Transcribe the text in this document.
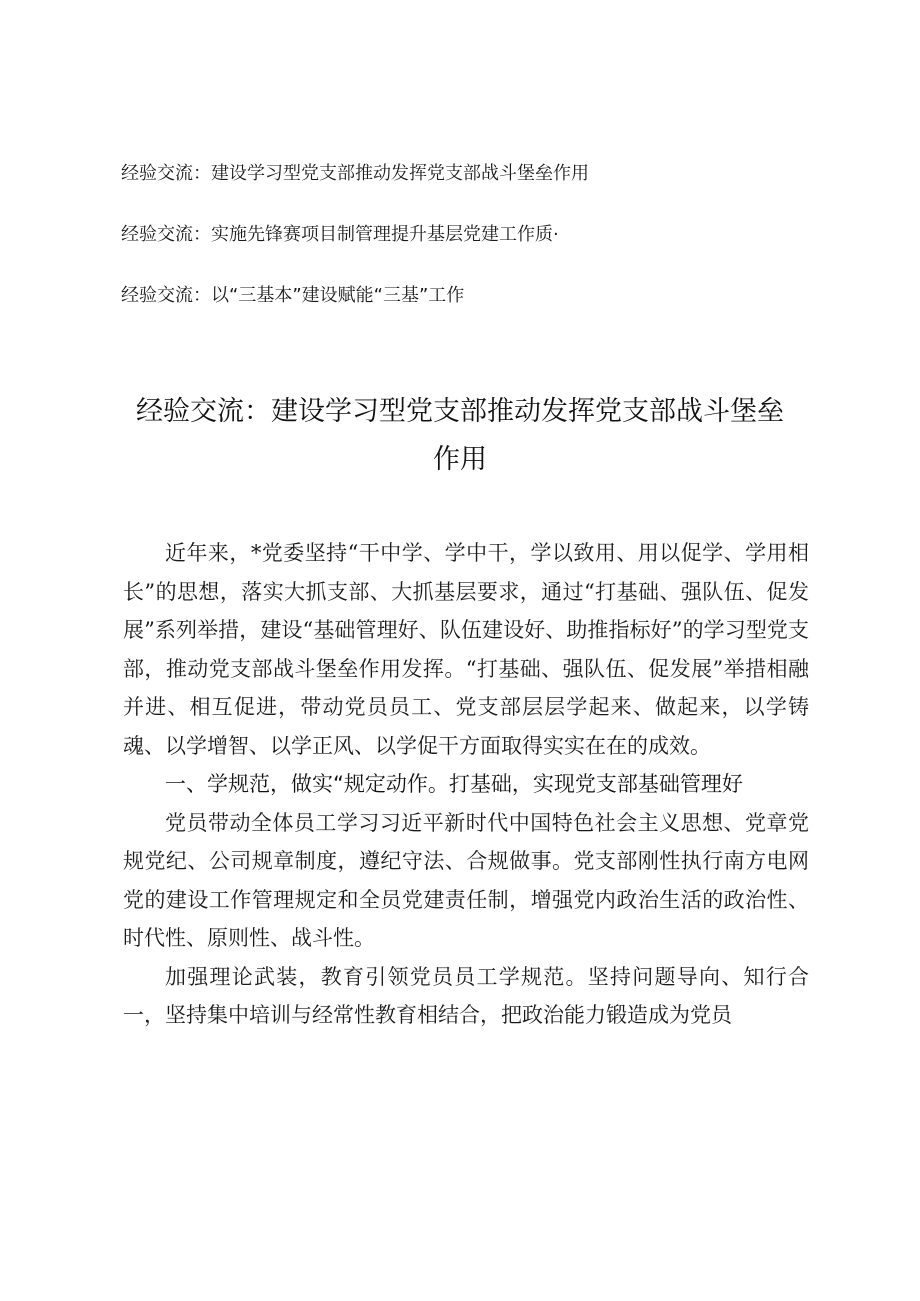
经验交流：建设学习型党支部推动发挥党支部战斗堡垒作用
经验交流：实施先锋赛项目制管理提升基层党建工作质·
经验交流：以“三基本”建设赋能“三基”工作
经验交流：建设学习型党支部推动发挥党支部战斗堡垒
作用

近年来，*党委坚持“干中学、学中干，学以致用、用以促学、学用相长”的思想，落实大抓支部、大抓基层要求，通过“打基础、强队伍、促发展”系列举措，建设“基础管理好、队伍建设好、助推指标好”的学习型党支部，推动党支部战斗堡垒作用发挥。“打基础、强队伍、促发展”举措相融并进、相互促进，带动党员员工、党支部层层学起来、做起来，以学铸魂、以学增智、以学正风、以学促干方面取得实实在在的成效。

一、学规范，做实“规定动作。打基础，实现党支部基础管理好

党员带动全体员工学习习近平新时代中国特色社会主义思想、党章党规党纪、公司规章制度，遵纪守法、合规做事。党支部刚性执行南方电网党的建设工作管理规定和全员党建责任制，增强党内政治生活的政治性、时代性、原则性、战斗性。

加强理论武装，教育引领党员员工学规范。坚持问题导向、知行合一，坚持集中培训与经常性教育相结合，把政治能力锻造成为党员
